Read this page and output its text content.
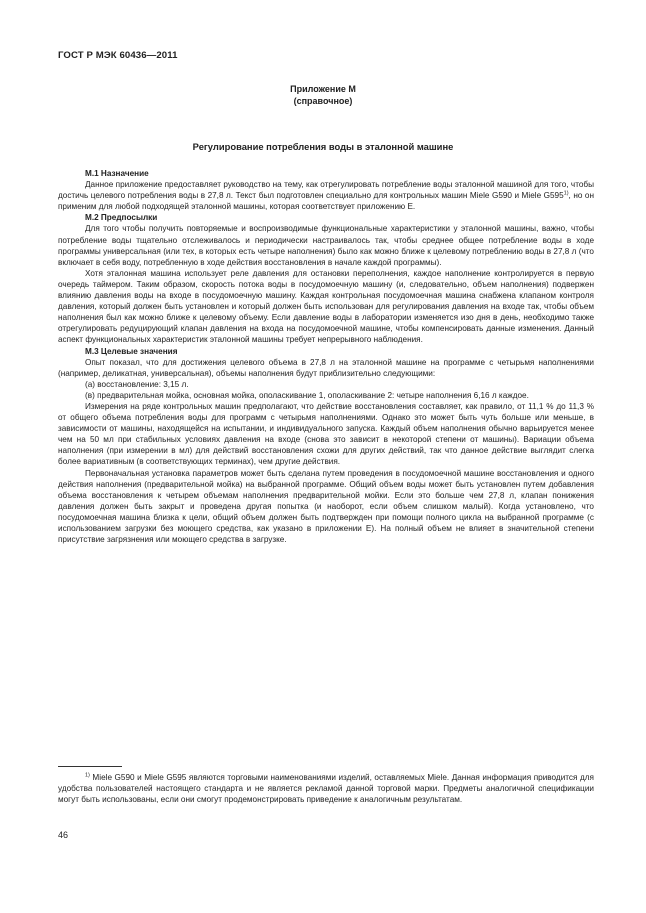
ГОСТ Р МЭК 60436—2011
Приложение М
(справочное)
Регулирование потребления воды в эталонной машине
М.1 Назначение

Данное приложение предоставляет руководство на тему, как отрегулировать потребление воды эталонной машиной для того, чтобы достичь целевого потребления воды в 27,8 л. Текст был подготовлен специально для контрольных машин Miele G590 и Miele G595$^{1)}$, но он применим для любой подходящей эталонной машины, которая соответствует приложению Е.

М.2 Предпосылки

Для того чтобы получить повторяемые и воспроизводимые функциональные характеристики у эталонной машины, важно, чтобы потребление воды тщательно отслеживалось и периодически настраивалось так, чтобы среднее общее потребление воды в ходе программы универсальная (или тех, в которых есть четыре наполнения) было как можно ближе к целевому потреблению воды в 27,8 л (что включает в себя воду, потребленную в ходе действия восстановления в начале каждой программы).

Хотя эталонная машина использует реле давления для остановки переполнения, каждое наполнение контролируется в первую очередь таймером. Таким образом, скорость потока воды в посудомоечную машину (и, следовательно, объем наполнения) подвержен влиянию давления воды на входе в посудомоечную машину. Каждая контрольная посудомоечная машина снабжена клапаном контроля давления, который должен быть установлен и который должен быть использован для регулирования давления на входе так, чтобы объем наполнения был как можно ближе к целевому объему. Если давление воды в лаборатории изменяется изо дня в день, необходимо также отрегулировать редуцирующий клапан давления на входа на посудомоечной машине, чтобы компенсировать данные изменения. Данный аспект функциональных характеристик эталонной машины требует непрерывного наблюдения.

М.3 Целевые значения

Опыт показал, что для достижения целевого объема в 27,8 л на эталонной машине на программе с четырьмя наполнениями (например, деликатная, универсальная), объемы наполнения будут приблизительно следующими:

(а) восстановление: 3,15 л.

(в) предварительная мойка, основная мойка, ополаскивание 1, ополаскивание 2: четыре наполнения 6,16 л каждое.

Измерения на ряде контрольных машин предполагают, что действие восстановления составляет, как правило, от 11,1 % до 11,3 % от общего объема потребления воды для программ с четырьмя наполнениями. Однако это может быть чуть больше или меньше, в зависимости от машины, находящейся на испытании, и индивидуального запуска. Каждый объем наполнения обычно варьируется менее чем на 50 мл при стабильных условиях давления на входе (снова это зависит в некоторой степени от машины). Вариации объема наполнения (при измерении в мл) для действий восстановления схожи для других действий, так что данное действие выглядит слегка более вариативным (в соответствующих терминах), чем другие действия.

Первоначальная установка параметров может быть сделана путем проведения в посудомоечной машине восстановления и одного действия наполнения (предварительной мойка) на выбранной программе. Общий объем воды может быть установлен путем добавления объема восстановления к четырем объемам наполнения предварительной мойки. Если это больше чем 27,8 л, клапан понижения давления должен быть закрыт и проведена другая попытка (и наоборот, если объем слишком малый). Когда установлено, что посудомоечная машина близка к цели, общий объем должен быть подтвержден при помощи полного цикла на выбранной программе (с использованием загрузки без моющего средства, как указано в приложении Е). На полный объем не влияет в значительной степени присутствие загрязнения или моющего средства в загрузке.

$^{1)}$ Miele G590 и Miele G595 являются торговыми наименованиями изделий, оставляемых Miele. Данная информация приводится для удобства пользователей настоящего стандарта и не является рекламой данной торговой марки. Предметы аналогичной спецификации могут быть использованы, если они смогут продемонстрировать приведение к аналогичным результатам.

46
